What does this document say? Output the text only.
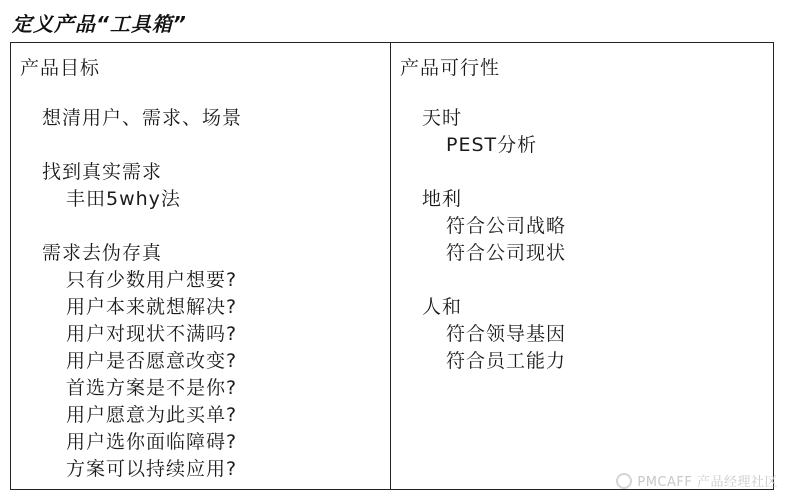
定义产品“工具箱”
产品目标
想清用户、需求、场景
找到真实需求
丰田5why法
需求去伪存真
只有少数用户想要?
用户本来就想解决?
用户对现状不满吗?
用户是否愿意改变?
首选方案是不是你?
用户愿意为此买单?
用户选你面临障碍?
方案可以持续应用?
产品可行性
天时
PEST分析
地利
符合公司战略
符合公司现状
人和
符合领导基因
符合员工能力
PMCAFF 产品经理社区
